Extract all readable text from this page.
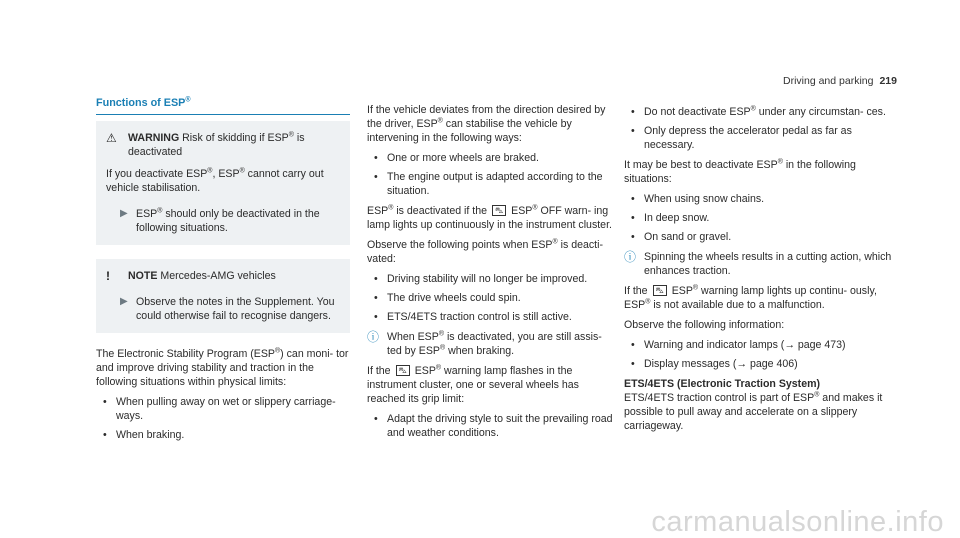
Driving and parking 219
Functions of ESP®
⚠	WARNING Risk of skidding if ESP® is deactivated

If you deactivate ESP®, ESP® cannot carry out vehicle stabilisation.

▶ ESP® should only be deactivated in the following situations.
!	NOTE Mercedes-AMG vehicles
▶ Observe the notes in the Supplement. You could otherwise fail to recognise dangers.

The Electronic Stability Program (ESP®) can moni- tor and improve driving stability and traction in the following situations within physical limits:

• When pulling away on wet or slippery carriage- ways.
• When braking.

If the vehicle deviates from the direction desired by the driver, ESP® can stabilise the vehicle by intervening in the following ways:

• One or more wheels are braked.
• The engine output is adapted according to the situation.

ESP® is deactivated if the ⛍ ESP® OFF warn- ing lamp lights up continuously in the instrument cluster.

Observe the following points when ESP® is deacti- vated:

• Driving stability will no longer be improved.
• The drive wheels could spin.
• ETS/4ETS traction control is still active.
ⓘ When ESP® is deactivated, you are still assis- ted by ESP® when braking.

If the ⛍ ESP® warning lamp flashes in the instrument cluster, one or several wheels has reached its grip limit:

• Adapt the driving style to suit the prevailing road and weather conditions.
• Do not deactivate ESP® under any circumstan- ces.
• Only depress the accelerator pedal as far as necessary.

It may be best to deactivate ESP® in the following situations:

• When using snow chains.
• In deep snow.
• On sand or gravel.
ⓘ Spinning the wheels results in a cutting action, which enhances traction.

If the ⛍ ESP® warning lamp lights up continu- ously, ESP® is not available due to a malfunction.

Observe the following information:

• Warning and indicator lamps (→ page 473)
• Display messages (→ page 406)

ETS/4ETS (Electronic Traction System)

ETS/4ETS traction control is part of ESP® and makes it possible to pull away and accelerate on a slippery carriageway.

carmanualsonline.info
